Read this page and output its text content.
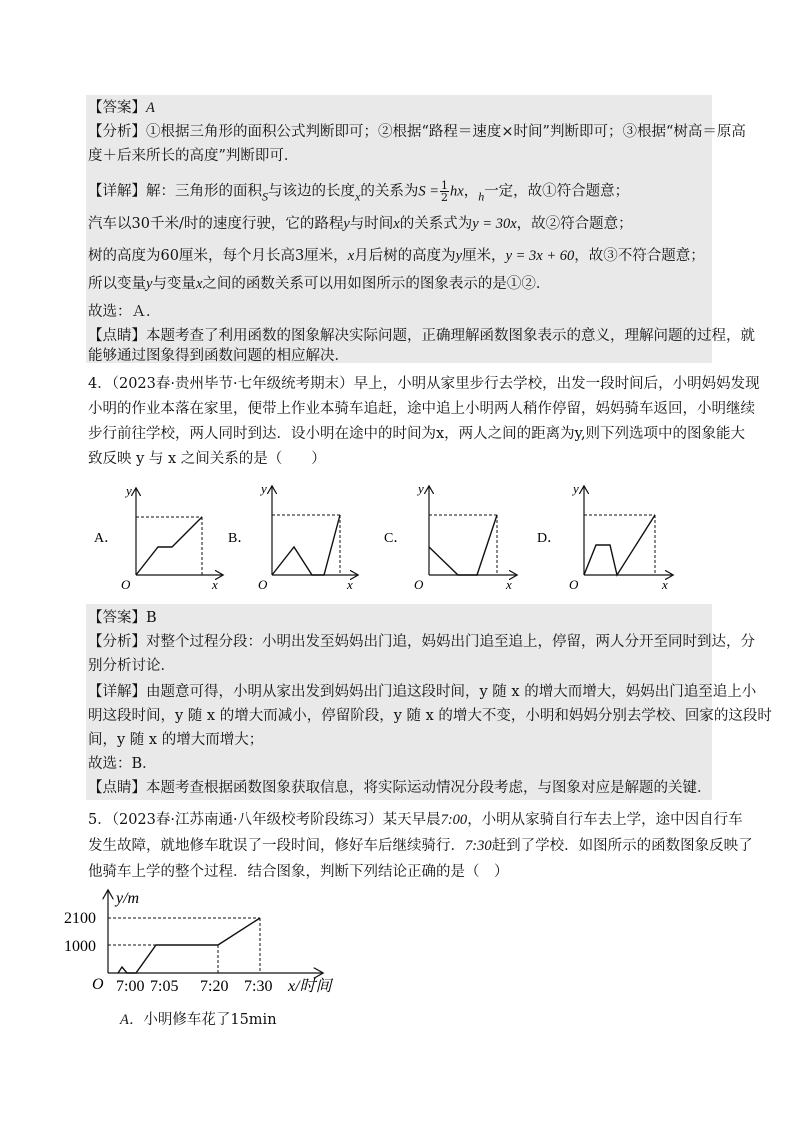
【答案】A
【分析】①根据三角形的面积公式判断即可；②根据“路程＝速度×时间”判断即可；③根据“树高＝原高
度＋后来所长的高度”判断即可．
【详解】解：三角形的面积$_S$与该边的长度$_x$的关系为$S = \frac{1}{2}$ hx，$_h$一定，故①符合题意；
汽车以30千米/时的速度行驶，它的路程y与时间x的关系式为y = 30x，故②符合题意；
树的高度为60厘米，每个月长高3厘米，x月后树的高度为y厘米，y = 3x + 60，故③不符合题意；
所以变量y与变量x之间的函数关系可以用如图所示的图象表示的是①②．
故选：Ａ．
【点睛】本题考查了利用函数的图象解决实际问题，正确理解函数图象表示的意义，理解问题的过程，就
能够通过图象得到函数问题的相应解决．
4．（2023春·贵州毕节·七年级统考期末）早上，小明从家里步行去学校，出发一段时间后，小明妈妈发现
小明的作业本落在家里，便带上作业本骑车追赶，途中追上小明两人稍作停留，妈妈骑车返回，小明继续
步行前往学校，两人同时到达．设小明在途中的时间为x，两人之间的距离为y,则下列选项中的图象能大
致反映 y 与 x 之间关系的是（　　）
A．
y
x
O
B．
y
x
O
C．
y
x
O
D．
y
x
O
【答案】B
【分析】对整个过程分段：小明出发至妈妈出门追，妈妈出门追至追上，停留，两人分开至同时到达，分
别分析讨论．
【详解】由题意可得，小明从家出发到妈妈出门追这段时间，y 随 x 的增大而增大，妈妈出门追至追上小
明这段时间，y 随 x 的增大而减小，停留阶段，y 随 x 的增大不变，小明和妈妈分别去学校、回家的这段时
间，y 随 x 的增大而增大；
故选：B．
【点睛】本题考查根据函数图象获取信息，将实际运动情况分段考虑，与图象对应是解题的关键．
5．（2023春·江苏南通·八年级校考阶段练习）某天早晨7:00，小明从家骑自行车去上学，途中因自行车
发生故障，就地修车耽误了一段时间，修好车后继续骑行．7:30赶到了学校．如图所示的函数图象反映了
他骑车上学的整个过程．结合图象，判断下列结论正确的是（　）
y/m
x/时间
O
2100
1000
7:00 7:05 7:20 7:30
A．小明修车花了15min
